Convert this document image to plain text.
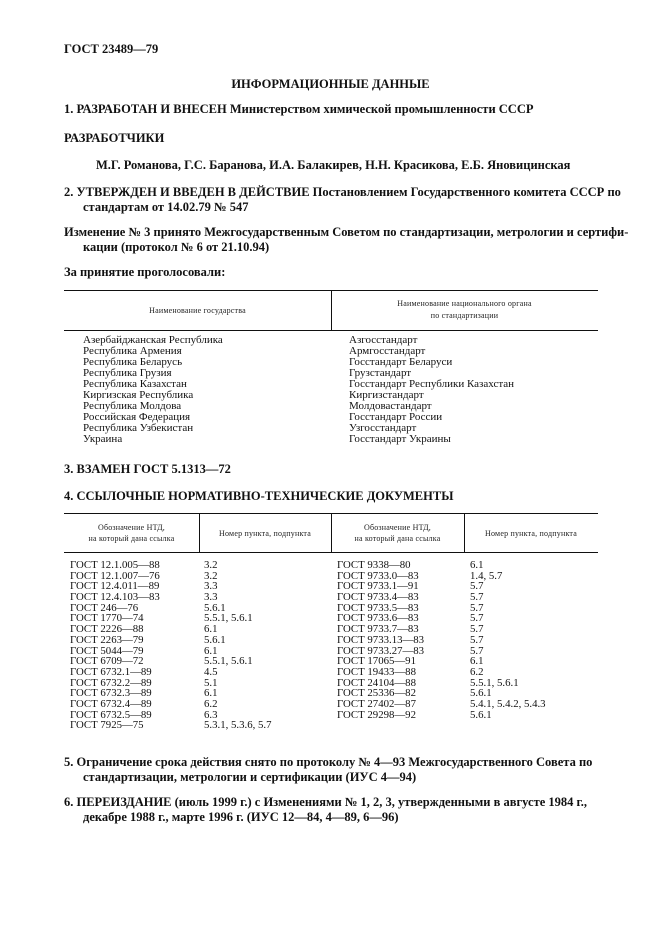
ГОСТ 23489—79
ИНФОРМАЦИОННЫЕ ДАННЫЕ
1. РАЗРАБОТАН И ВНЕСЕН Министерством химической промышленности СССР
РАЗРАБОТЧИКИ
М.Г. Романова, Г.С. Баранова, И.А. Балакирев, Н.Н. Красикова, Е.Б. Яновицинская
2. УТВЕРЖДЕН И ВВЕДЕН В ДЕЙСТВИЕ Постановлением Государственного комитета СССР по
стандартам от 14.02.79 № 547
Изменение № 3 принято Межгосударственным Советом по стандартизации, метрологии и сертифи-
кации (протокол № 6 от 21.10.94)
За принятие проголосовали:
Наименование государства
Наименование национального органа
по стандартизации
Азербайджанская Республика
Республика Армения
Республика Беларусь
Республика Грузия
Республика Казахстан
Киргизская Республика
Республика Молдова
Российская Федерация
Республика Узбекистан
Украина
Азгосстандарт
Армгосстандарт
Госстандарт Беларуси
Грузстандарт
Госстандарт Республики Казахстан
Киргизстандарт
Молдовастандарт
Госстандарт России
Узгосстандарт
Госстандарт Украины
3. ВЗАМЕН ГОСТ 5.1313—72
4. ССЫЛОЧНЫЕ НОРМАТИВНО-ТЕХНИЧЕСКИЕ ДОКУМЕНТЫ
Обозначение НТД,
на который дана ссылка
Номер пункта, подпункта
Обозначение НТД,
на который дана ссылка
Номер пункта, подпункта
ГОСТ 12.1.005—88
ГОСТ 12.1.007—76
ГОСТ 12.4.011—89
ГОСТ 12.4.103—83
ГОСТ 246—76
ГОСТ 1770—74
ГОСТ 2226—88
ГОСТ 2263—79
ГОСТ 5044—79
ГОСТ 6709—72
ГОСТ 6732.1—89
ГОСТ 6732.2—89
ГОСТ 6732.3—89
ГОСТ 6732.4—89
ГОСТ 6732.5—89
ГОСТ 7925—75
3.2
3.2
3.3
3.3
5.6.1
5.5.1, 5.6.1
6.1
5.6.1
6.1
5.5.1, 5.6.1
4.5
5.1
6.1
6.2
6.3
5.3.1, 5.3.6, 5.7
ГОСТ 9338—80
ГОСТ 9733.0—83
ГОСТ 9733.1—91
ГОСТ 9733.4—83
ГОСТ 9733.5—83
ГОСТ 9733.6—83
ГОСТ 9733.7—83
ГОСТ 9733.13—83
ГОСТ 9733.27—83
ГОСТ 17065—91
ГОСТ 19433—88
ГОСТ 24104—88
ГОСТ 25336—82
ГОСТ 27402—87
ГОСТ 29298—92
6.1
1.4, 5.7
5.7
5.7
5.7
5.7
5.7
5.7
5.7
6.1
6.2
5.5.1, 5.6.1
5.6.1
5.4.1, 5.4.2, 5.4.3
5.6.1
5. Ограничение срока действия снято по протоколу № 4—93 Межгосударственного Совета по
стандартизации, метрологии и сертификации (ИУС 4—94)
6. ПЕРЕИЗДАНИЕ (июль 1999 г.) с Изменениями № 1, 2, 3, утвержденными в августе 1984 г.,
декабре 1988 г., марте 1996 г. (ИУС 12—84, 4—89, 6—96)
